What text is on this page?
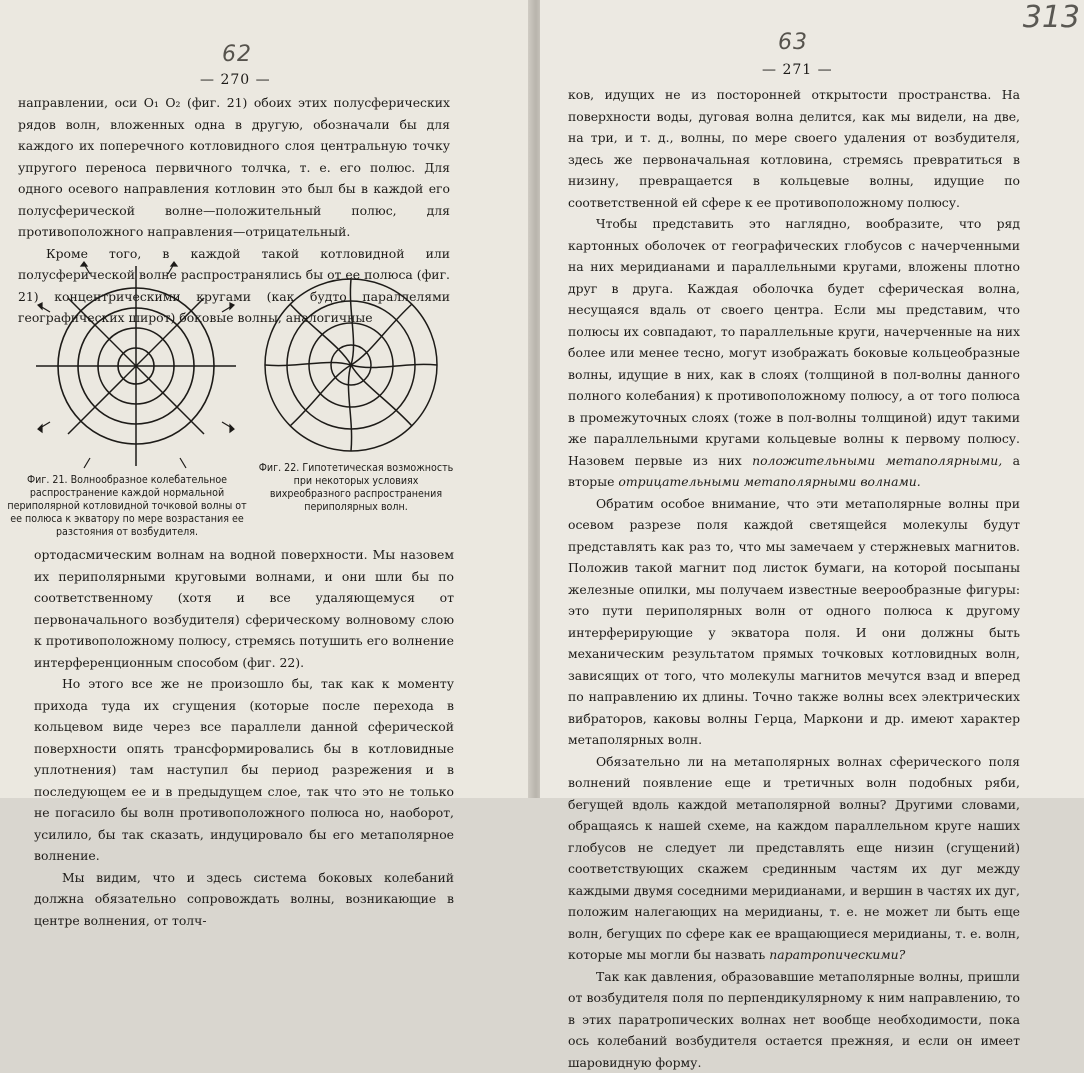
62
— 270 —

направлении, оси O₁ O₂ (фиг. 21) обоих этих полусферических рядов волн, вложенных одна в другую, обозначали бы для каждого их поперечного котловидного слоя центральную точку упругого переноса первичного толчка, т. е. его полюс. Для одного осевого направления котловин это был бы в каждой его полусферической волне—положительный полюс, для противоположного направления—отрицательный.

Кроме того, в каждой такой котловидной или полусферической волне распространялись бы от ее полюса (фиг. 21) концентрическими кругами (как будто параллелями географических широт) боковые волны, аналогичные

Фиг. 21. Волнообразное колебательное распространение каждой нормальной периполярной котловидной точковой волны от ее полюса к экватору по мере возрастания ее разстояния от возбудителя.
Фиг. 22. Гипотетическая возможность при некоторых условиях вихреобразного распространения периполярных волн.

ортодасмическим волнам на водной поверхности. Мы назовем их периполярными круговыми волнами, и они шли бы по соответственному (хотя и все удаляющемуся от первоначального возбудителя) сферическому волновому слою к противоположному полюсу, стремясь потушить его волнение интерференционным способом (фиг. 22).

Но этого все же не произошло бы, так как к моменту прихода туда их сгущения (которые после перехода в кольцевом виде через все параллели данной сферической поверхности опять трансформировались бы в котловидные уплотнения) там наступил бы период разрежения и в последующем ее и в предыдущем слое, так что это не только не погасило бы волн противоположного полюса но, наоборот, усилило, бы так сказать, индуцировало бы его метаполярное волнение.

Мы видим, что и здесь система боковых колебаний должна обязательно сопровождать волны, возникающие в центре волнения, от толч-

63
313
— 271 —

ков, идущих не из посторонней открытости пространства. На поверхности воды, дуговая волна делится, как мы видели, на две, на три, и т. д., волны, по мере своего удаления от возбудителя, здесь же первоначальная котловина, стремясь превратиться в низину, превращается в кольцевые волны, идущие по соответственной ей сфере к ее противоположному полюсу.

Чтобы представить это наглядно, вообразите, что ряд картонных оболочек от географических глобусов с начерченными на них меридианами и параллельными кругами, вложены плотно друг в друга. Каждая оболочка будет сферическая волна, несущаяся вдаль от своего центра. Если мы представим, что полюсы их совпадают, то параллельные круги, начерченные на них более или менее тесно, могут изображать боковые кольцеобразные волны, идущие в них, как в слоях (толщиной в пол-волны данного полного колебания) к противоположному полюсу, а от того полюса в промежуточных слоях (тоже в пол-волны толщиной) идут такими же параллельными кругами кольцевые волны к первому полюсу. Назовем первые из них положительными метаполярными, а вторые отрицательными метаполярными волнами.

Обратим особое внимание, что эти метаполярные волны при осевом разрезе поля каждой светящейся молекулы будут представлять как раз то, что мы замечаем у стержневых магнитов. Положив такой магнит под листок бумаги, на которой посыпаны железные опилки, мы получаем известные веерообразные фигуры: это пути периполярных волн от одного полюса к другому интерферирующие у экватора поля. И они должны быть механическим результатом прямых точковых котловидных волн, зависящих от того, что молекулы магнитов мечутся взад и вперед по направлению их длины. Точно также волны всех электрических вибраторов, каковы волны Герца, Маркони и др. имеют характер метаполярных волн.

Обязательно ли на метаполярных волнах сферического поля волнений появление еще и третичных волн подобных ряби, бегущей вдоль каждой метаполярной волны? Другими словами, обращаясь к нашей схеме, на каждом параллельном круге наших глобусов не следует ли представлять еще низин (сгущений) соответствующих скажем срединным частям их дуг между каждыми двумя соседними меридианами, и вершин в частях их дуг, положим налегающих на меридианы, т. е. не может ли быть еще волн, бегущих по сфере как ее вращающиеся меридианы, т. е. волн, которые мы могли бы назвать паратропическими?

Так как давления, образовавшие метаполярные волны, пришли от возбудителя поля по перпендикулярному к ним направлению, то в этих паратропических волнах нет вообще необходимости, пока ось колебаний возбудителя остается прежняя, и если он имеет шаровидную форму.
